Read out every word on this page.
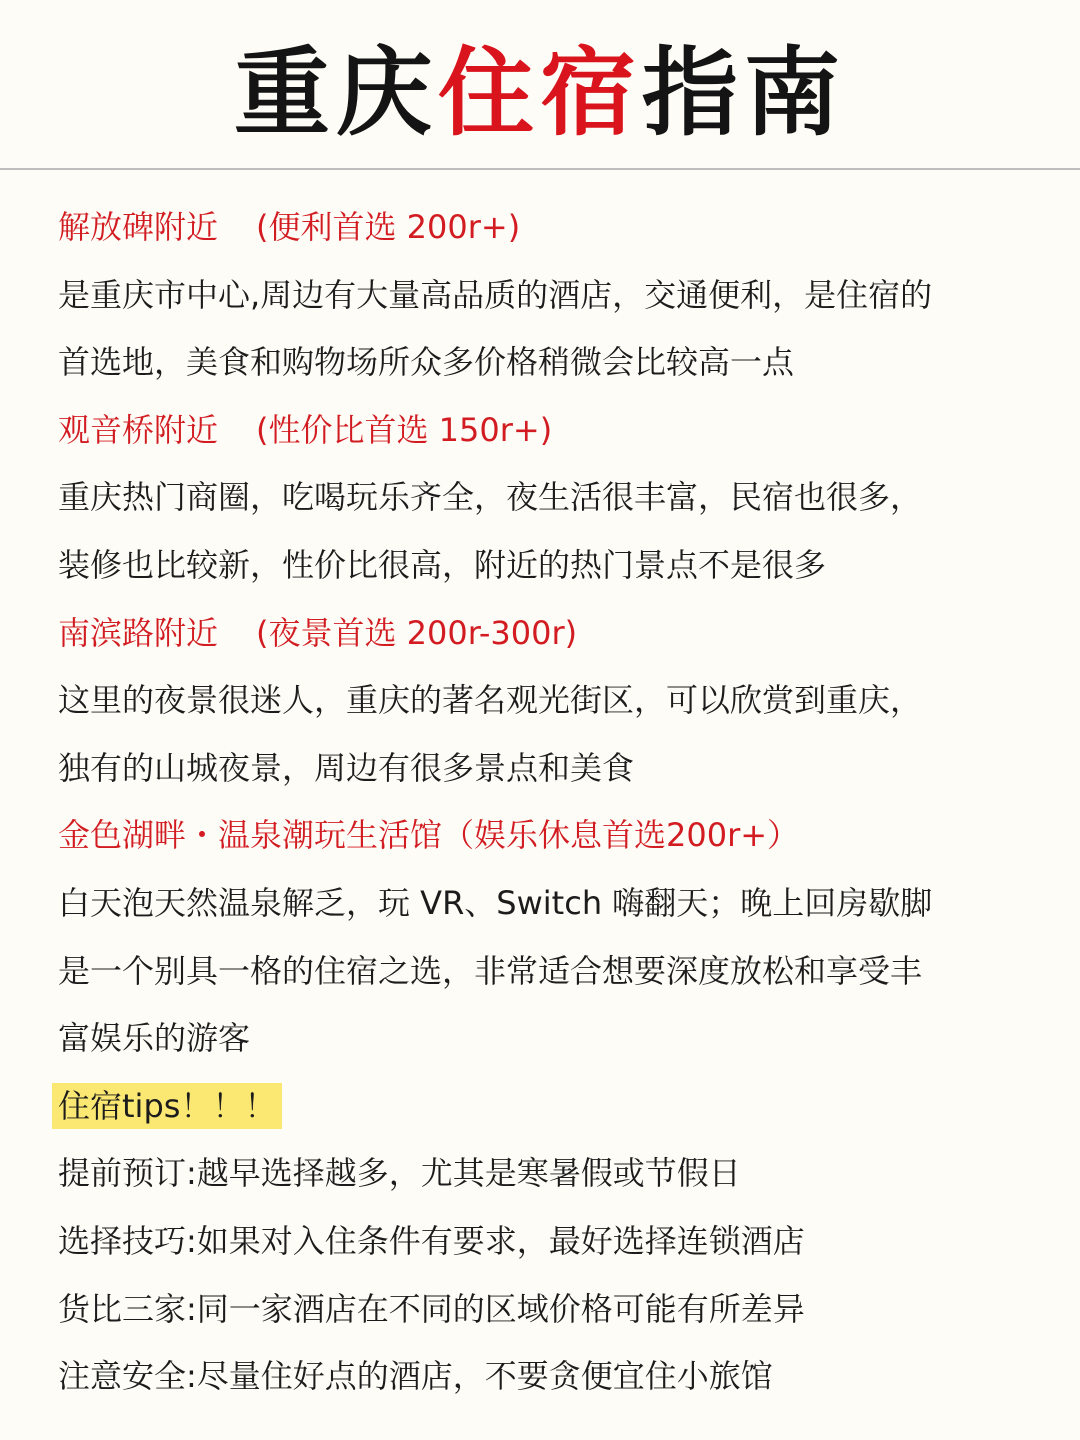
重庆住宿指南
解放碑附近 (便利首选 200r+)
是重庆市中心,周边有大量高品质的酒店，交通便利，是住宿的
首选地，美食和购物场所众多价格稍微会比较高一点
观音桥附近 (性价比首选 150r+)
重庆热门商圈，吃喝玩乐齐全，夜生活很丰富，民宿也很多，
装修也比较新，性价比很高，附近的热门景点不是很多
南滨路附近 (夜景首选 200r-300r)
这里的夜景很迷人，重庆的著名观光街区，可以欣赏到重庆，
独有的山城夜景，周边有很多景点和美食
金色湖畔・温泉潮玩生活馆（娱乐休息首选200r+）
白天泡天然温泉解乏，玩 VR、Switch 嗨翻天；晚上回房歇脚
是一个别具一格的住宿之选，非常适合想要深度放松和享受丰
富娱乐的游客
住宿tips！！！
提前预订:越早选择越多，尤其是寒暑假或节假日
选择技巧:如果对入住条件有要求，最好选择连锁酒店
货比三家:同一家酒店在不同的区域价格可能有所差异
注意安全:尽量住好点的酒店，不要贪便宜住小旅馆
